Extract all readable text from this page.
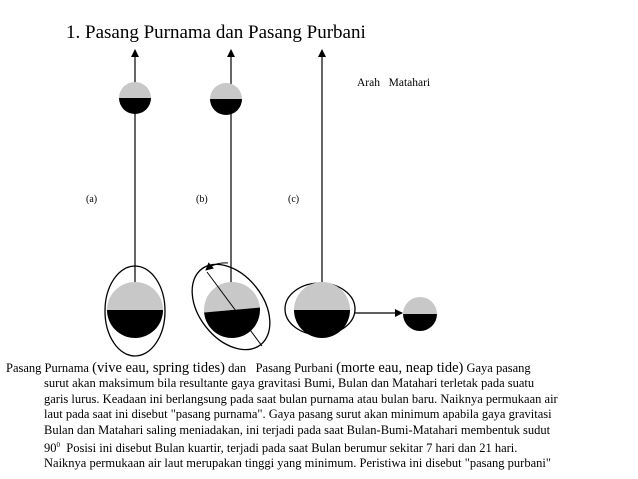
1. Pasang Purnama dan Pasang Purbani
(a)	(b)	(c)
Arah   Matahari
Pasang Purnama (vive eau, spring tides) dan Pasang Purbani (morte eau, neap tide) Gaya pasang
surut akan maksimum bila resultante gaya gravitasi Bumi, Bulan dan Matahari terletak pada suatu
garis lurus. Keadaan ini berlangsung pada saat bulan purnama atau bulan baru. Naiknya permukaan air
laut pada saat ini disebut "pasang purnama". Gaya pasang surut akan minimum apabila gaya gravitasi
Bulan dan Matahari saling meniadakan, ini terjadi pada saat Bulan-Bumi-Matahari membentuk sudut
$90^0$ Posisi ini disebut Bulan kuartir, terjadi pada saat Bulan berumur sekitar 7 hari dan 21 hari.
Naiknya permukaan air laut merupakan tinggi yang minimum. Peristiwa ini disebut "pasang purbani"
